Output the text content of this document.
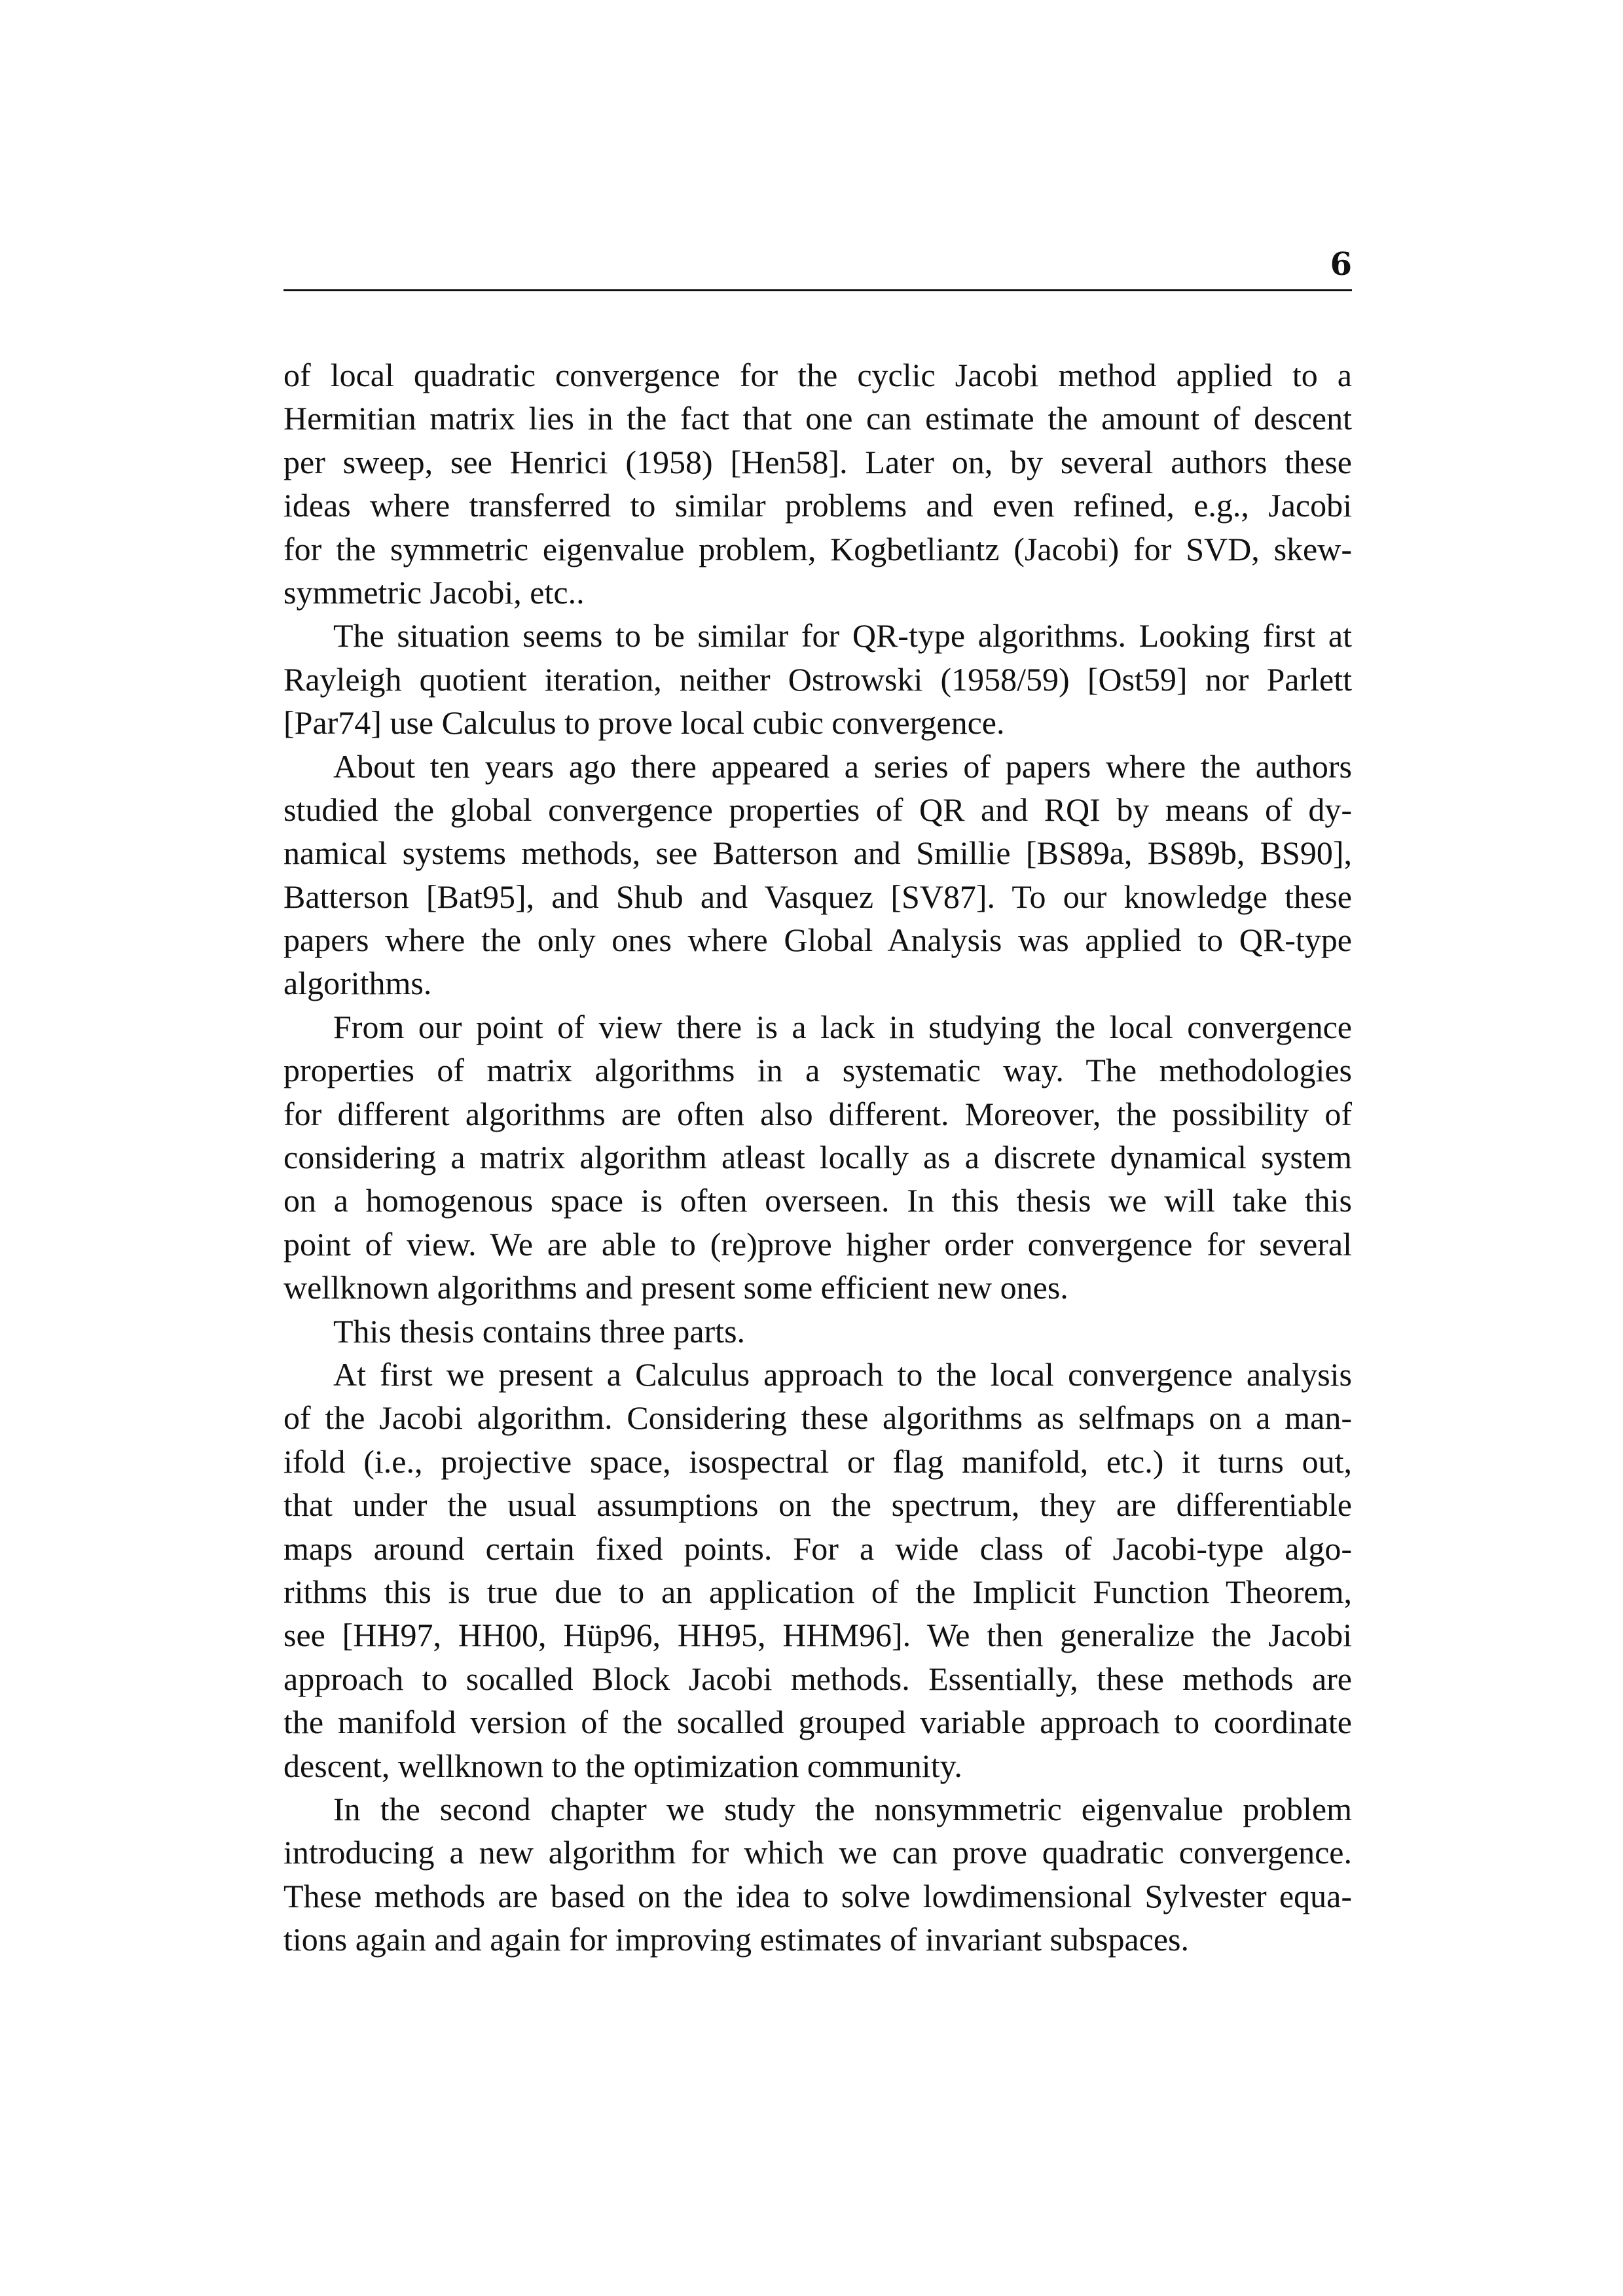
6
of local quadratic convergence for the cyclic Jacobi method applied to a
Hermitian matrix lies in the fact that one can estimate the amount of descent
per sweep, see Henrici (1958) [Hen58]. Later on, by several authors these
ideas where transferred to similar problems and even refined, e.g., Jacobi
for the symmetric eigenvalue problem, Kogbetliantz (Jacobi) for SVD, skew-
symmetric Jacobi, etc..
The situation seems to be similar for QR-type algorithms. Looking first at
Rayleigh quotient iteration, neither Ostrowski (1958/59) [Ost59] nor Parlett
[Par74] use Calculus to prove local cubic convergence.
About ten years ago there appeared a series of papers where the authors
studied the global convergence properties of QR and RQI by means of dy-
namical systems methods, see Batterson and Smillie [BS89a, BS89b, BS90],
Batterson [Bat95], and Shub and Vasquez [SV87]. To our knowledge these
papers where the only ones where Global Analysis was applied to QR-type
algorithms.
From our point of view there is a lack in studying the local convergence
properties of matrix algorithms in a systematic way. The methodologies
for different algorithms are often also different. Moreover, the possibility of
considering a matrix algorithm atleast locally as a discrete dynamical system
on a homogenous space is often overseen. In this thesis we will take this
point of view. We are able to (re)prove higher order convergence for several
wellknown algorithms and present some efficient new ones.
This thesis contains three parts.
At first we present a Calculus approach to the local convergence analysis
of the Jacobi algorithm. Considering these algorithms as selfmaps on a man-
ifold (i.e., projective space, isospectral or flag manifold, etc.) it turns out,
that under the usual assumptions on the spectrum, they are differentiable
maps around certain fixed points. For a wide class of Jacobi-type algo-
rithms this is true due to an application of the Implicit Function Theorem,
see [HH97, HH00, Hüp96, HH95, HHM96]. We then generalize the Jacobi
approach to socalled Block Jacobi methods. Essentially, these methods are
the manifold version of the socalled grouped variable approach to coordinate
descent, wellknown to the optimization community.
In the second chapter we study the nonsymmetric eigenvalue problem
introducing a new algorithm for which we can prove quadratic convergence.
These methods are based on the idea to solve lowdimensional Sylvester equa-
tions again and again for improving estimates of invariant subspaces.
